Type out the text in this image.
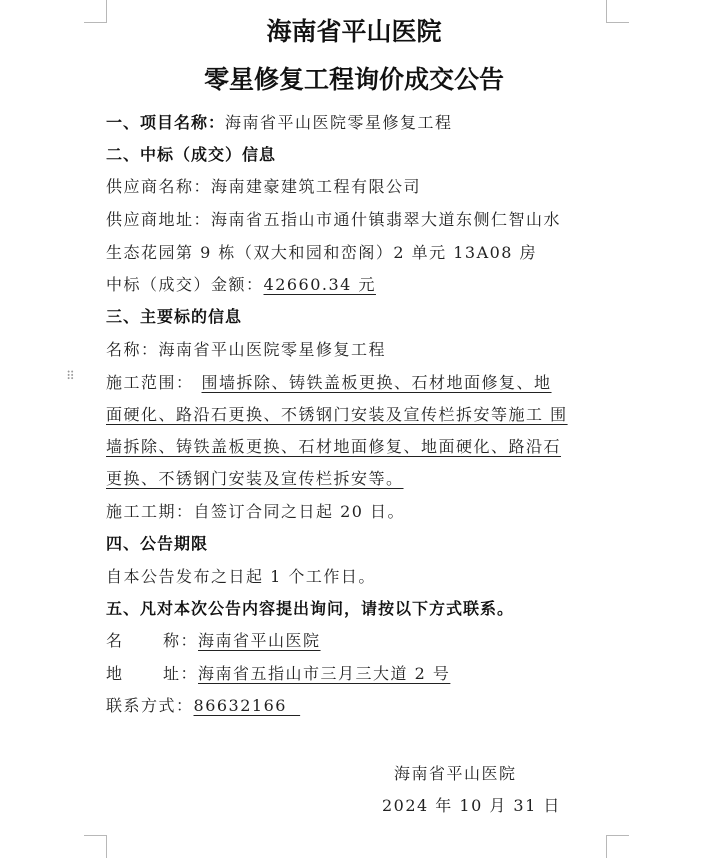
海南省平山医院
零星修复工程询价成交公告
一、项目名称：海南省平山医院零星修复工程
二、中标（成交）信息
供应商名称：海南建豪建筑工程有限公司
供应商地址：海南省五指山市通什镇翡翠大道东侧仁智山水
生态花园第 9 栋（双大和园和峦阁）2 单元 13A08 房
中标（成交）金额：42660.34 元
三、主要标的信息
名称：海南省平山医院零星修复工程
⠿ 施工范围： 围墙拆除、铸铁盖板更换、石材地面修复、地
面硬化、路沿石更换、不锈钢门安装及宣传栏拆安等施工 围
墙拆除、铸铁盖板更换、石材地面修复、地面硬化、路沿石
更换、不锈钢门安装及宣传栏拆安等。
施工工期：自签订合同之日起 20 日。
四、公告期限
自本公告发布之日起 1 个工作日。
五、凡对本次公告内容提出询问，请按以下方式联系。
名      称：海南省平山医院
地      址：海南省五指山市三月三大道 2 号
联系方式：86632166
海南省平山医院
2024 年 10 月 31 日
